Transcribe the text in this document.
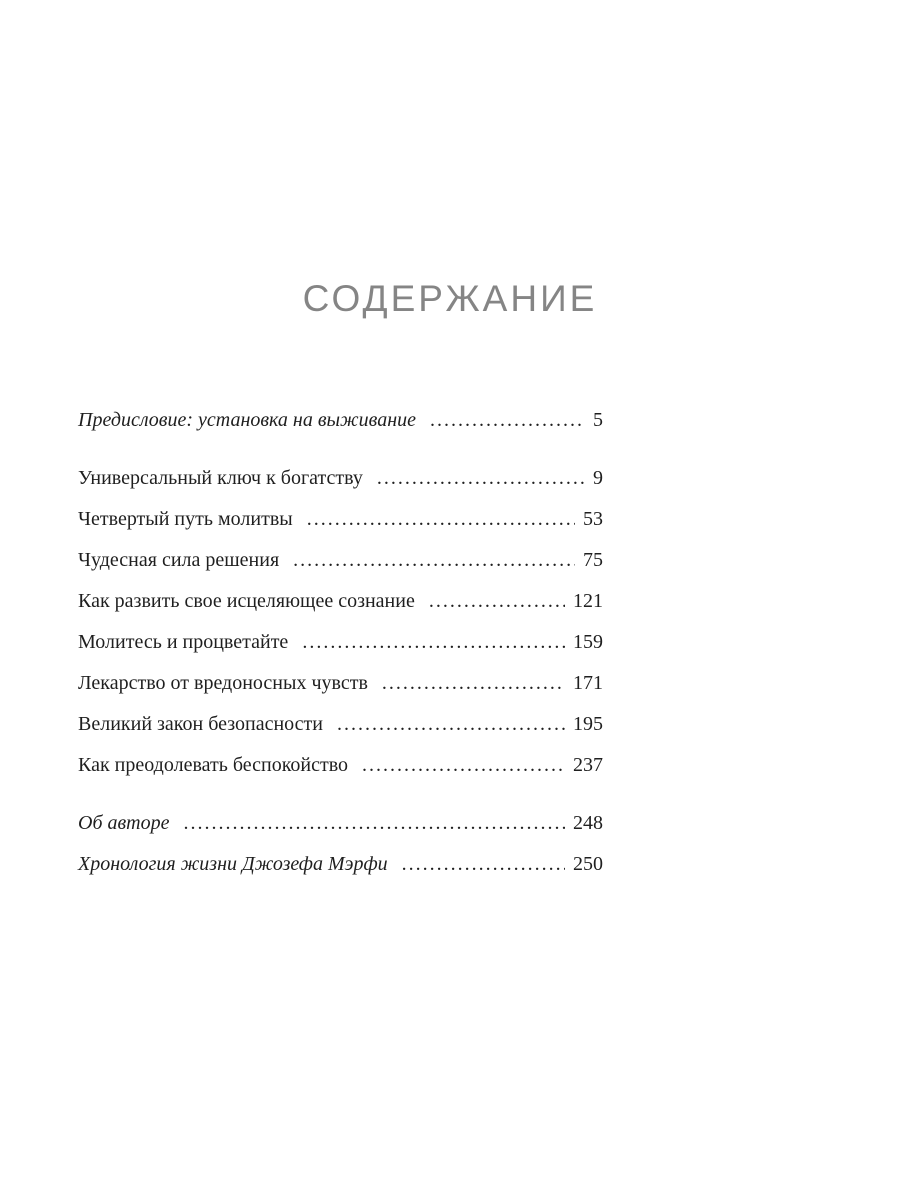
СОДЕРЖАНИЕ
Предисловие: установка на выживание .....	5
Универсальный ключ к богатству .....	9
Четвертый путь молитвы .....	53
Чудесная сила решения .....	75
Как развить свое исцеляющее сознание .....	121
Молитесь и процветайте .....	159
Лекарство от вредоносных чувств .....	171
Великий закон безопасности .....	195
Как преодолевать беспокойство .....	237
Об авторе .....	248
Хронология жизни Джозефа Мэрфи .....	250
